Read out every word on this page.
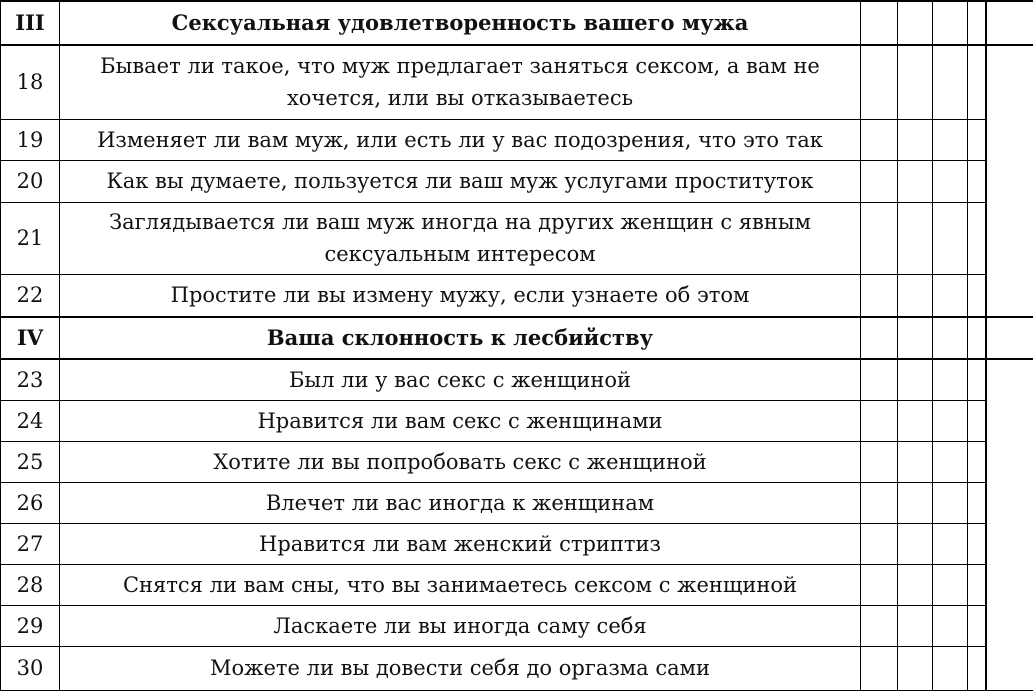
III	Сексуальная удовлетворенность вашего мужа					
18	Бывает ли такое, что муж предлагает заняться сексом, а вам не хочется, или вы отказываетесь					
19	Изменяет ли вам муж, или есть ли у вас подозрения, что это так					
20	Как вы думаете, пользуется ли ваш муж услугами проституток					
21	Заглядывается ли ваш муж иногда на других женщин с явным сексуальным интересом					
22	Простите ли вы измену мужу, если узнаете об этом					
IV	Ваша склонность к лесбийству					
23	Был ли у вас секс с женщиной					
24	Нравится ли вам секс с женщинами					
25	Хотите ли вы попробовать секс с женщиной					
26	Влечет ли вас иногда к женщинам					
27	Нравится ли вам женский стриптиз					
28	Снятся ли вам сны, что вы занимаетесь сексом с женщиной					
29	Ласкаете ли вы иногда саму себя					
30	Можете ли вы довести себя до оргазма сами					
